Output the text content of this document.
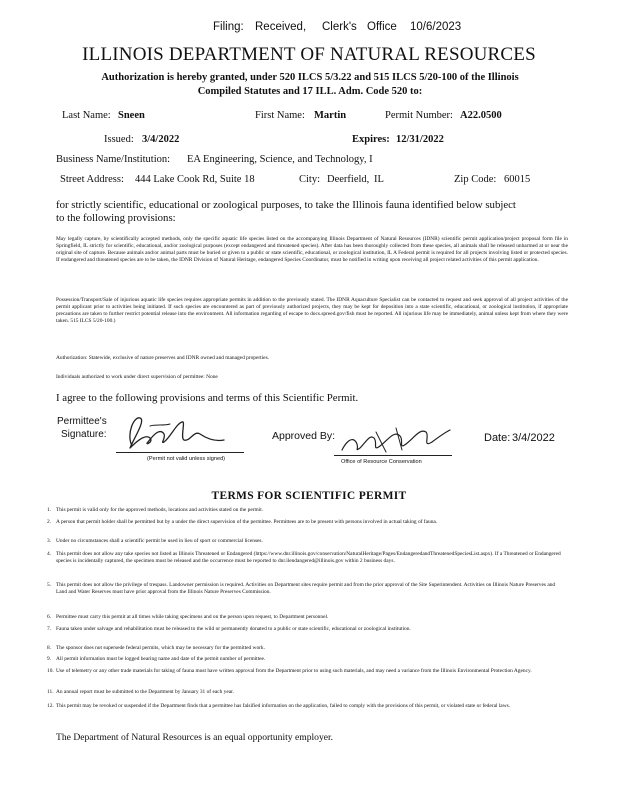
Filing: Received, Clerk's Office 10/6/2023
ILLINOIS DEPARTMENT OF NATURAL RESOURCES
Authorization is hereby granted, under 520 ILCS 5/3.22 and 515 ILCS 5/20-100 of the Illinois
Compiled Statutes and 17 ILL. Adm. Code 520 to:
Last Name: Sneen	First Name: Martin	Permit Number: A22.0500
Issued: 3/4/2022	Expires: 12/31/2022
Business Name/Institution: EA Engineering, Science, and Technology, I
Street Address: 444 Lake Cook Rd, Suite 18	City: Deerfield, IL	Zip Code: 60015
for strictly scientific, educational or zoological purposes, to take the Illinois fauna identified below subject
to the following provisions:
May legally capture, by scientifically accepted methods, only the specific aquatic life species listed on the accompanying Illinois Department of Natural Resources (IDNR) scientific permit application/project proposal form file in Springfield, IL strictly for scientific, educational, and/or zoological purposes (except endangered and threatened species). After data has been thoroughly collected from these species, all animals shall be released unharmed at or near the original site of capture. Because animals and/or animal parts must be buried or given to a public or state scientific, educational, or zoological institution, IL A Federal permit is required for all projects involving listed or protected species. If endangered and threatened species are to be taken, the IDNR Division of Natural Heritage, endangered Species Coordinator, must be notified in writing upon receiving all project related activities of this permit application.
Possession/Transport/Sale of injurious aquatic life species requires appropriate permits in addition to the previously stated. The IDNR Aquaculture Specialist can be contacted to request and seek approval of all project activities of the permit applicant prior to activities being initiated. If such species are encountered as part of previously authorized projects, they may be kept for deposition into a state scientific, educational, or zoological institution, if appropriate precautions are taken to further restrict potential release into the environment. All information regarding of escape to docs.spreed.gov/fish must be reported. All injurious life may be immediately, animal unless kept from where they were taken. 515 ILCS 5/20-100.)
Authorization: Statewide, exclusive of nature preserves and IDNR owned and managed properties.
Individuals authorized to work under direct supervision of permittee: None
I agree to the following provisions and terms of this Scientific Permit.
Permittee's
Signature:
(Permit not valid unless signed)
Approved By:
Office of Resource Conservation
Date: 3/4/2022
TERMS FOR SCIENTIFIC PERMIT
1. This permit is valid only for the approved methods, locations and activities stated on the permit.
2. A person that permit holder shall be permitted but by a under the direct supervision of the permittee. Permittees are to be present with persons involved in actual taking of fauna.
3. Under no circumstances shall a scientific permit be used in lieu of sport or commercial licenses.
4. This permit does not allow any take species not listed as Illinois Threatened or Endangered (https://www.dnr.illinois.gov/conservation/NaturalHeritage/Pages/EndangeredandThreatenedSpeciesList.aspx). If a Threatened or Endangered species is incidentally captured, the specimen must be released and the occurrence must be reported to dnr.ilendangered@illinois.gov within 2 business days.
5. This permit does not allow the privilege of trespass. Landowner permission is required. Activities on Department sites require permit and from the prior approval of the Site Superintendent. Activities on Illinois Nature Preserves and Land and Water Reserves must have prior approval from the Illinois Nature Preserves Commission.
6. Permittee must carry this permit at all times while taking specimens and on the person upon request, to Department personnel.
7. Fauna taken under salvage and rehabilitation must be released to the wild or permanently donated to a public or state scientific, educational or zoological institution.
8. The sponsor does not supersede federal permits, which may be necessary for the permitted work.
9. All permit information must be logged bearing name and date of the permit number of permittee.
10. Use of telemetry or any other trade materials for taking of fauna must have written approval from the Department prior to using such materials, and may need a variance from the Illinois Environmental Protection Agency.
11. An annual report must be submitted to the Department by January 31 of each year.
12. This permit may be revoked or suspended if the Department finds that a permittee has falsified information on the application, failed to comply with the provisions of this permit, or violated state or federal laws.
The Department of Natural Resources is an equal opportunity employer.
